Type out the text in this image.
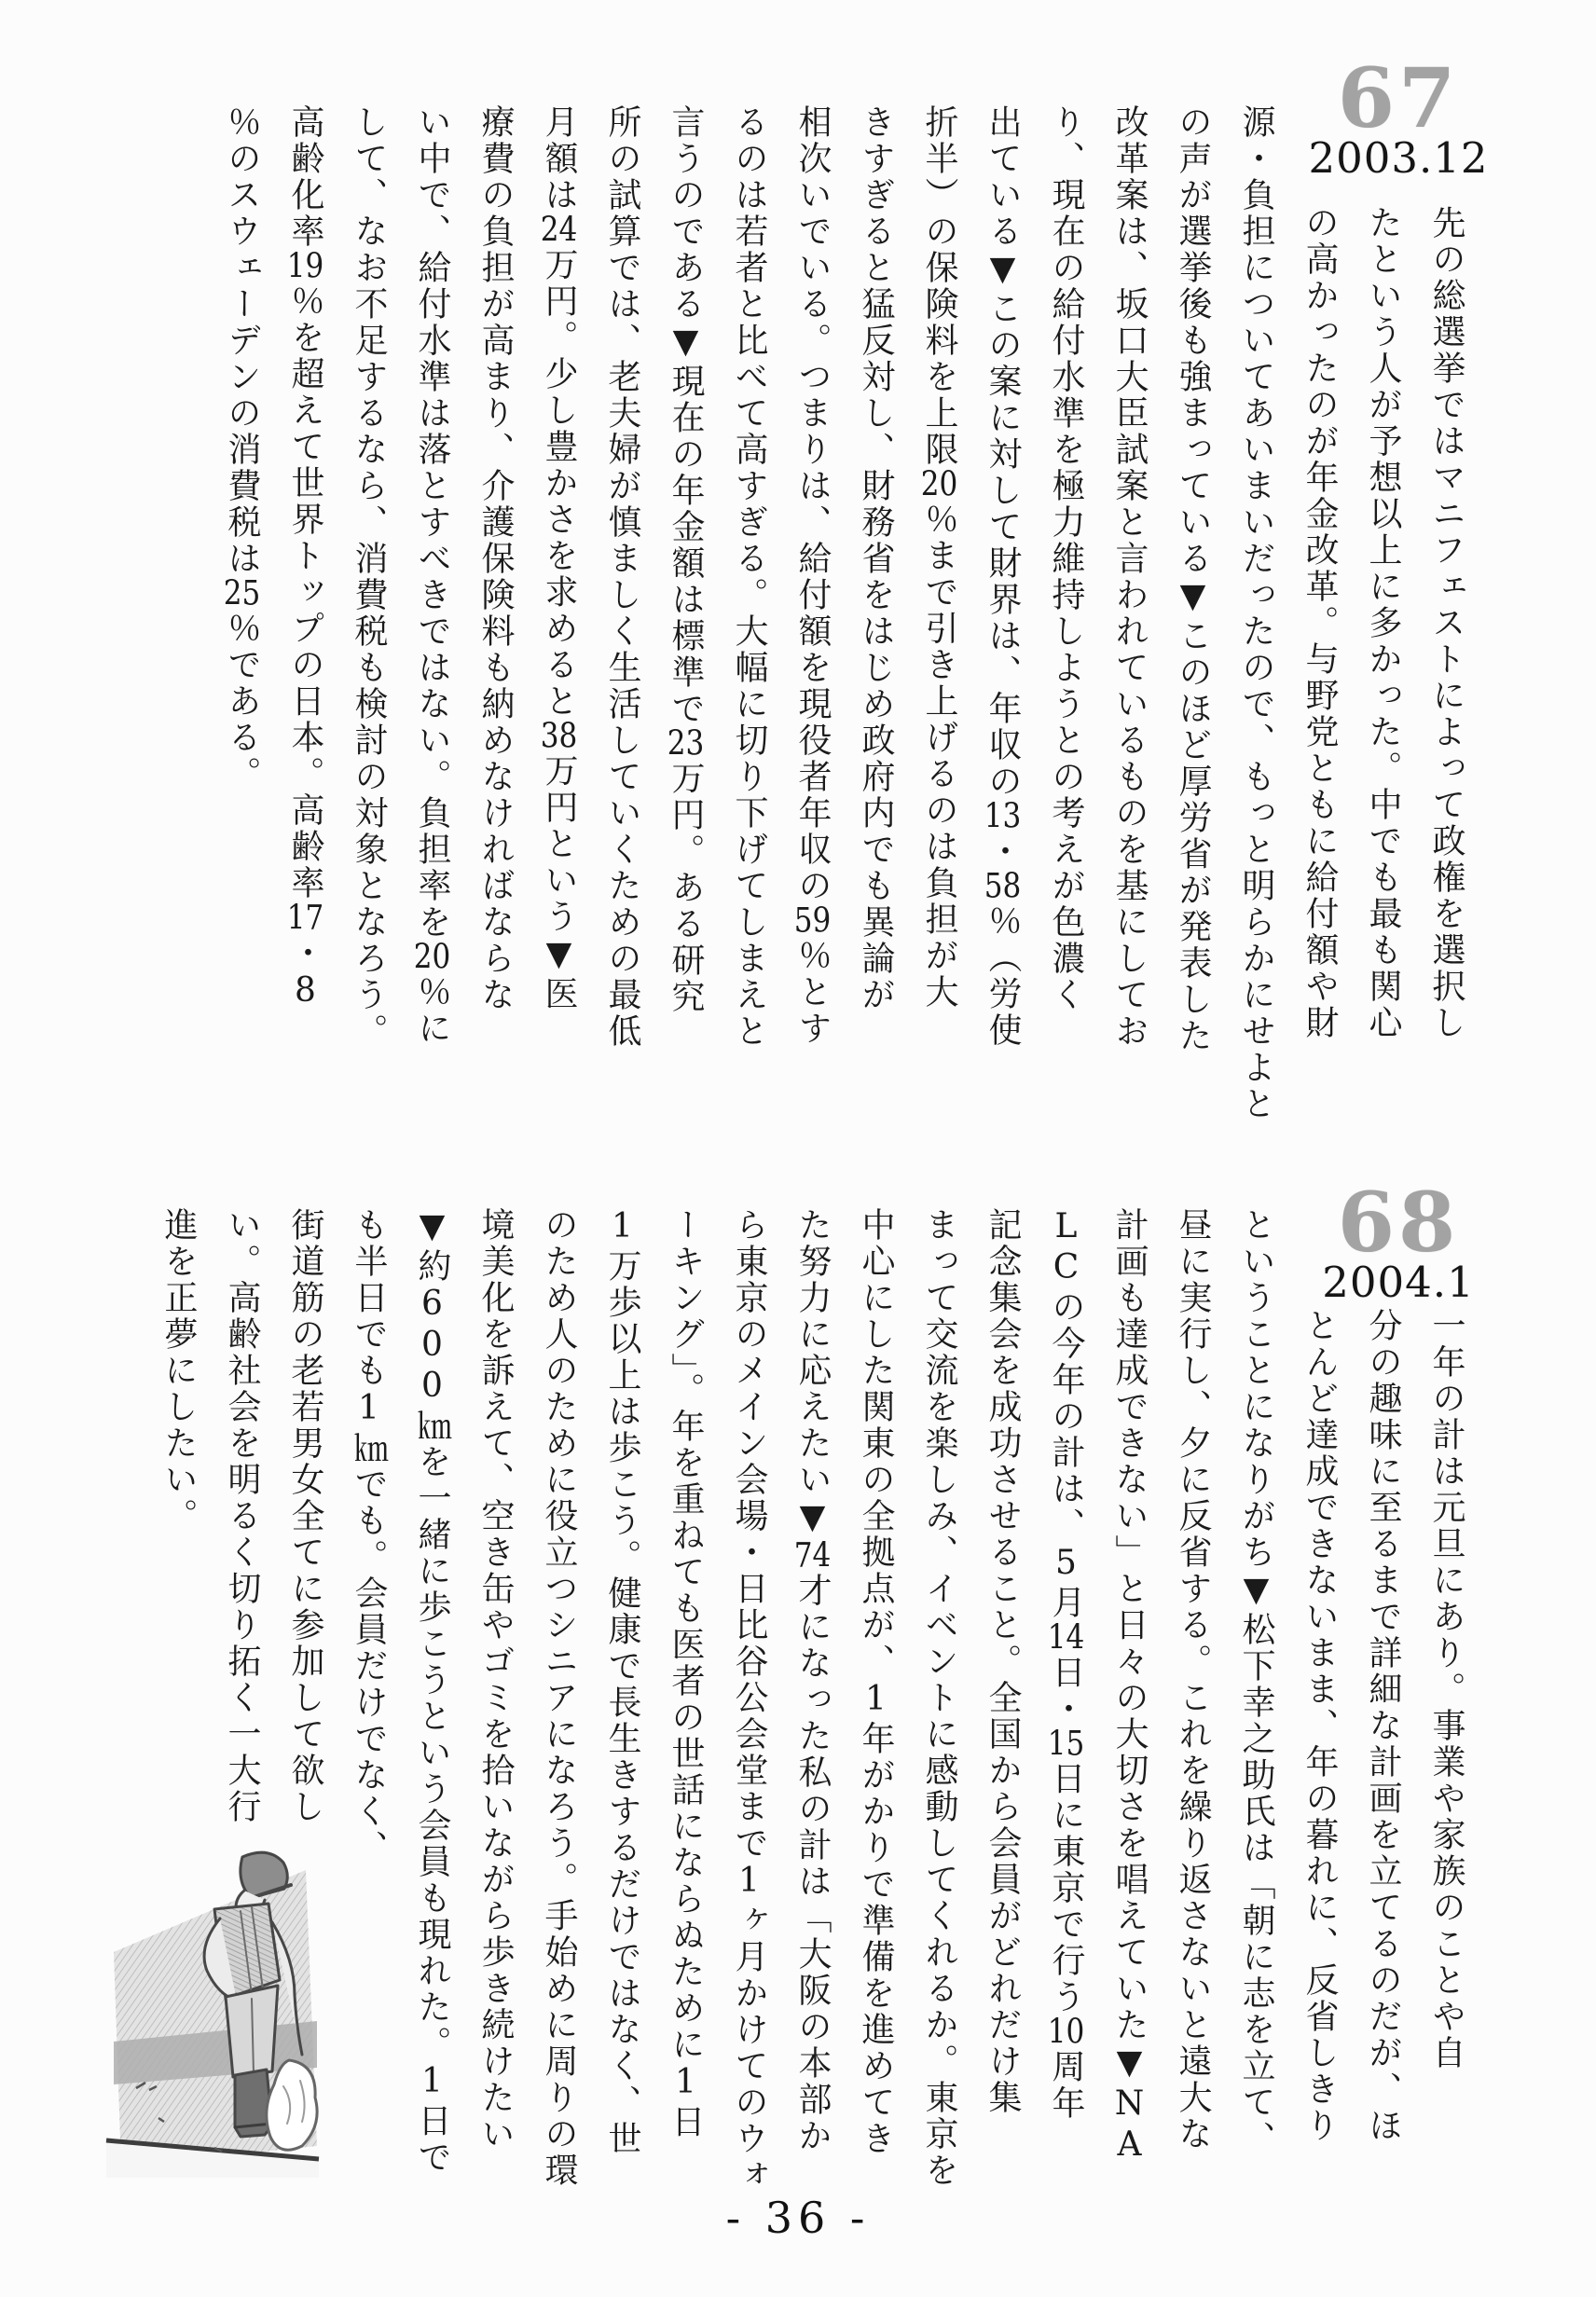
67
2003.12
先の総選挙ではマニフェストによって政権を選択し
たという人が予想以上に多かった。中でも最も関心
の高かったのが年金改革。与野党ともに給付額や財
源・負担についてあいまいだったので、もっと明らかにせよと
の声が選挙後も強まっている▼このほど厚労省が発表した
改革案は、坂口大臣試案と言われているものを基にしてお
り、現在の給付水準を極力維持しようとの考えが色濃く
出ている▼この案に対して財界は、年収の13・58％（労使
折半）の保険料を上限20％まで引き上げるのは負担が大
きすぎると猛反対し、財務省をはじめ政府内でも異論が
相次いでいる。つまりは、給付額を現役者年収の59％とす
るのは若者と比べて高すぎる。大幅に切り下げてしまえと
言うのである▼現在の年金額は標準で23万円。ある研究
所の試算では、老夫婦が慎ましく生活していくための最低
月額は24万円。少し豊かさを求めると38万円という▼医
療費の負担が高まり、介護保険料も納めなければならな
い中で、給付水準は落とすべきではない。負担率を20％に
して、なお不足するなら、消費税も検討の対象となろう。
高齢化率19％を超えて世界トップの日本。高齢率17・8
％のスウェーデンの消費税は25％である。
68
2004.1
一年の計は元旦にあり。事業や家族のことや自
分の趣味に至るまで詳細な計画を立てるのだが、ほ
とんど達成できないまま、年の暮れに、反省しきり
ということになりがち▼松下幸之助氏は「朝に志を立て、
昼に実行し、夕に反省する。これを繰り返さないと遠大な
計画も達成できない」と日々の大切さを唱えていた▼NA
LCの今年の計は、5月14日・15日に東京で行う10周年
記念集会を成功させること。全国から会員がどれだけ集
まって交流を楽しみ、イベントに感動してくれるか。東京を
中心にした関東の全拠点が、1年がかりで準備を進めてき
た努力に応えたい▼74才になった私の計は「大阪の本部か
ら東京のメイン会場・日比谷公会堂まで1ヶ月かけてのウォ
ーキング」。年を重ねても医者の世話にならぬために1日
1万歩以上は歩こう。健康で長生きするだけではなく、世
のため人のために役立つシニアになろう。手始めに周りの環
境美化を訴えて、空き缶やゴミを拾いながら歩き続けたい
▼約600㎞を一緒に歩こうという会員も現れた。1日で
も半日でも1㎞でも。会員だけでなく、
街道筋の老若男女全てに参加して欲し
い。高齢社会を明るく切り拓く一大行
進を正夢にしたい。
- 36 -
